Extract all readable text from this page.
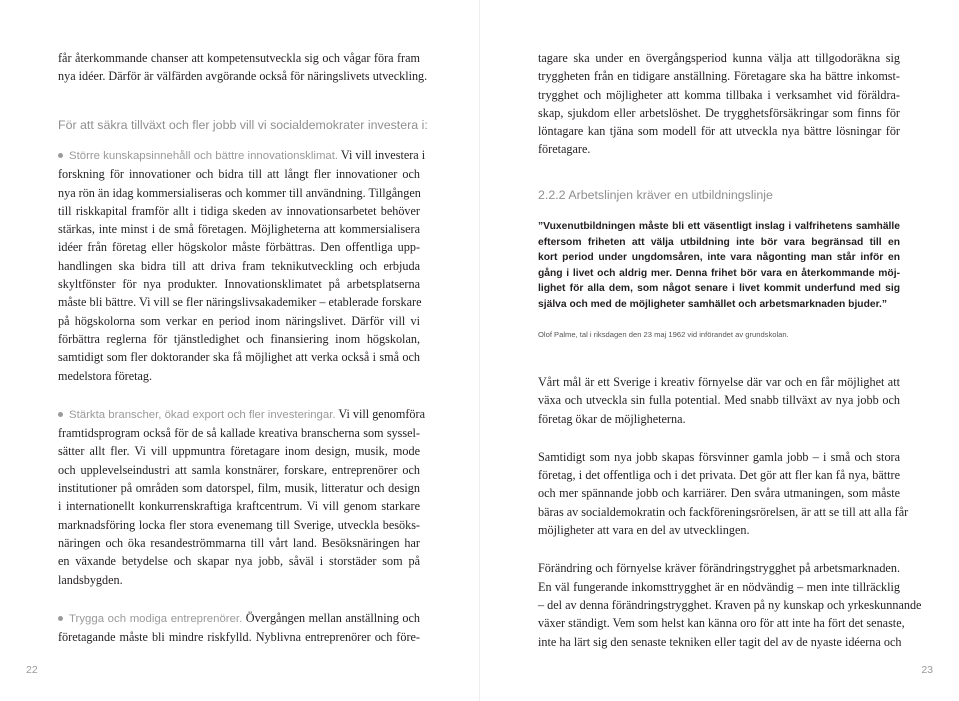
får återkommande chanser att kompetensutveckla sig och vågar föra fram
nya idéer. Därför är välfärden avgörande också för näringslivets utveckling.
För att säkra tillväxt och fler jobb vill vi socialdemokrater investera i:
Större kunskapsinnehåll och bättre innovationsklimat. Vi vill investera i
forskning för innovationer och bidra till att långt fler innovationer och
nya rön än idag kommersialiseras och kommer till användning. Tillgången
till riskkapital framför allt i tidiga skeden av innovationsarbetet behöver
stärkas, inte minst i de små företagen. Möjligheterna att kommersialisera
idéer från företag eller högskolor måste förbättras. Den offentliga upp-
handlingen ska bidra till att driva fram teknikutveckling och erbjuda
skyltfönster för nya produkter. Innovationsklimatet på arbetsplatserna
måste bli bättre. Vi vill se fler näringslivsakademiker – etablerade forskare
på högskolorna som verkar en period inom näringslivet. Därför vill vi
förbättra reglerna för tjänstledighet och finansiering inom högskolan,
samtidigt som fler doktorander ska få möjlighet att verka också i små och
medelstora företag.
Stärkta branscher, ökad export och fler investeringar. Vi vill genomföra
framtidsprogram också för de så kallade kreativa branscherna som syssel-
sätter allt fler. Vi vill uppmuntra företagare inom design, musik, mode
och upplevelseindustri att samla konstnärer, forskare, entreprenörer och
institutioner på områden som datorspel, film, musik, litteratur och design
i internationellt konkurrenskraftiga kraftcentrum. Vi vill genom starkare
marknadsföring locka fler stora evenemang till Sverige, utveckla besöks-
näringen och öka resandeströmmarna till vårt land. Besöksnäringen har
en växande betydelse och skapar nya jobb, såväl i storstäder som på
landsbygden.
Trygga och modiga entreprenörer. Övergången mellan anställning och
företagande måste bli mindre riskfylld. Nyblivna entreprenörer och före-
22
tagare ska under en övergångsperiod kunna välja att tillgodoräkna sig
tryggheten från en tidigare anställning. Företagare ska ha bättre inkomst-
trygghet och möjligheter att komma tillbaka i verksamhet vid föräldra-
skap, sjukdom eller arbetslöshet. De trygghetsförsäkringar som finns för
löntagare kan tjäna som modell för att utveckla nya bättre lösningar för
företagare.
2.2.2 Arbetslinjen kräver en utbildningslinje
”Vuxenutbildningen måste bli ett väsentligt inslag i valfrihetens samhälle
eftersom friheten att välja utbildning inte bör vara begränsad till en
kort period under ungdomsåren, inte vara någonting man står inför en
gång i livet och aldrig mer. Denna frihet bör vara en återkommande möj-
lighet för alla dem, som något senare i livet kommit underfund med sig
själva och med de möjligheter samhället och arbetsmarknaden bjuder.”
Olof Palme, tal i riksdagen den 23 maj 1962 vid införandet av grundskolan.
Vårt mål är ett Sverige i kreativ förnyelse där var och en får möjlighet att
växa och utveckla sin fulla potential. Med snabb tillväxt av nya jobb och
företag ökar de möjligheterna.
Samtidigt som nya jobb skapas försvinner gamla jobb – i små och stora
företag, i det offentliga och i det privata. Det gör att fler kan få nya, bättre
och mer spännande jobb och karriärer. Den svåra utmaningen, som måste
bäras av socialdemokratin och fackföreningsrörelsen, är att se till att alla får
möjligheter att vara en del av utvecklingen.
Förändring och förnyelse kräver förändringstrygghet på arbetsmarknaden.
En väl fungerande inkomsttrygghet är en nödvändig – men inte tillräcklig
– del av denna förändringstrygghet. Kraven på ny kunskap och yrkeskunnande
växer ständigt. Vem som helst kan känna oro för att inte ha fört det senaste,
inte ha lärt sig den senaste tekniken eller tagit del av de nyaste idéerna och
23
